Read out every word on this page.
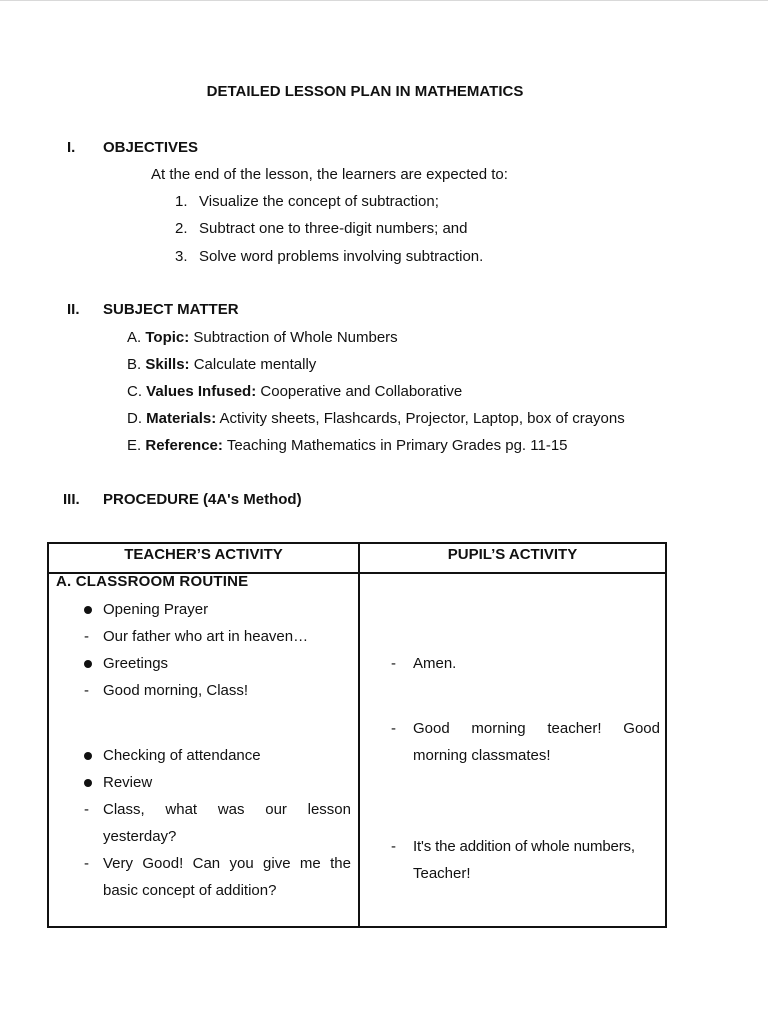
DETAILED LESSON PLAN IN MATHEMATICS
I. OBJECTIVES
At the end of the lesson, the learners are expected to:
1. Visualize the concept of subtraction;
2. Subtract one to three-digit numbers; and
3. Solve word problems involving subtraction.
II. SUBJECT MATTER
A. Topic: Subtraction of Whole Numbers
B. Skills: Calculate mentally
C. Values Infused: Cooperative and Collaborative
D. Materials: Activity sheets, Flashcards, Projector, Laptop, box of crayons
E. Reference: Teaching Mathematics in Primary Grades pg. 11-15
III. PROCEDURE (4A's Method)
TEACHER’S ACTIVITY	PUPIL’S ACTIVITY
A. CLASSROOM ROUTINE
Opening Prayer
- Our father who art in heaven…
Greetings
- Good morning, Class!
Checking of attendance
Review
- Class, what was our lesson
yesterday?
- Very Good! Can you give me the
basic concept of addition?
- Amen.
- Good morning teacher! Good
morning classmates!
- It's the addition of whole numbers,
Teacher!
